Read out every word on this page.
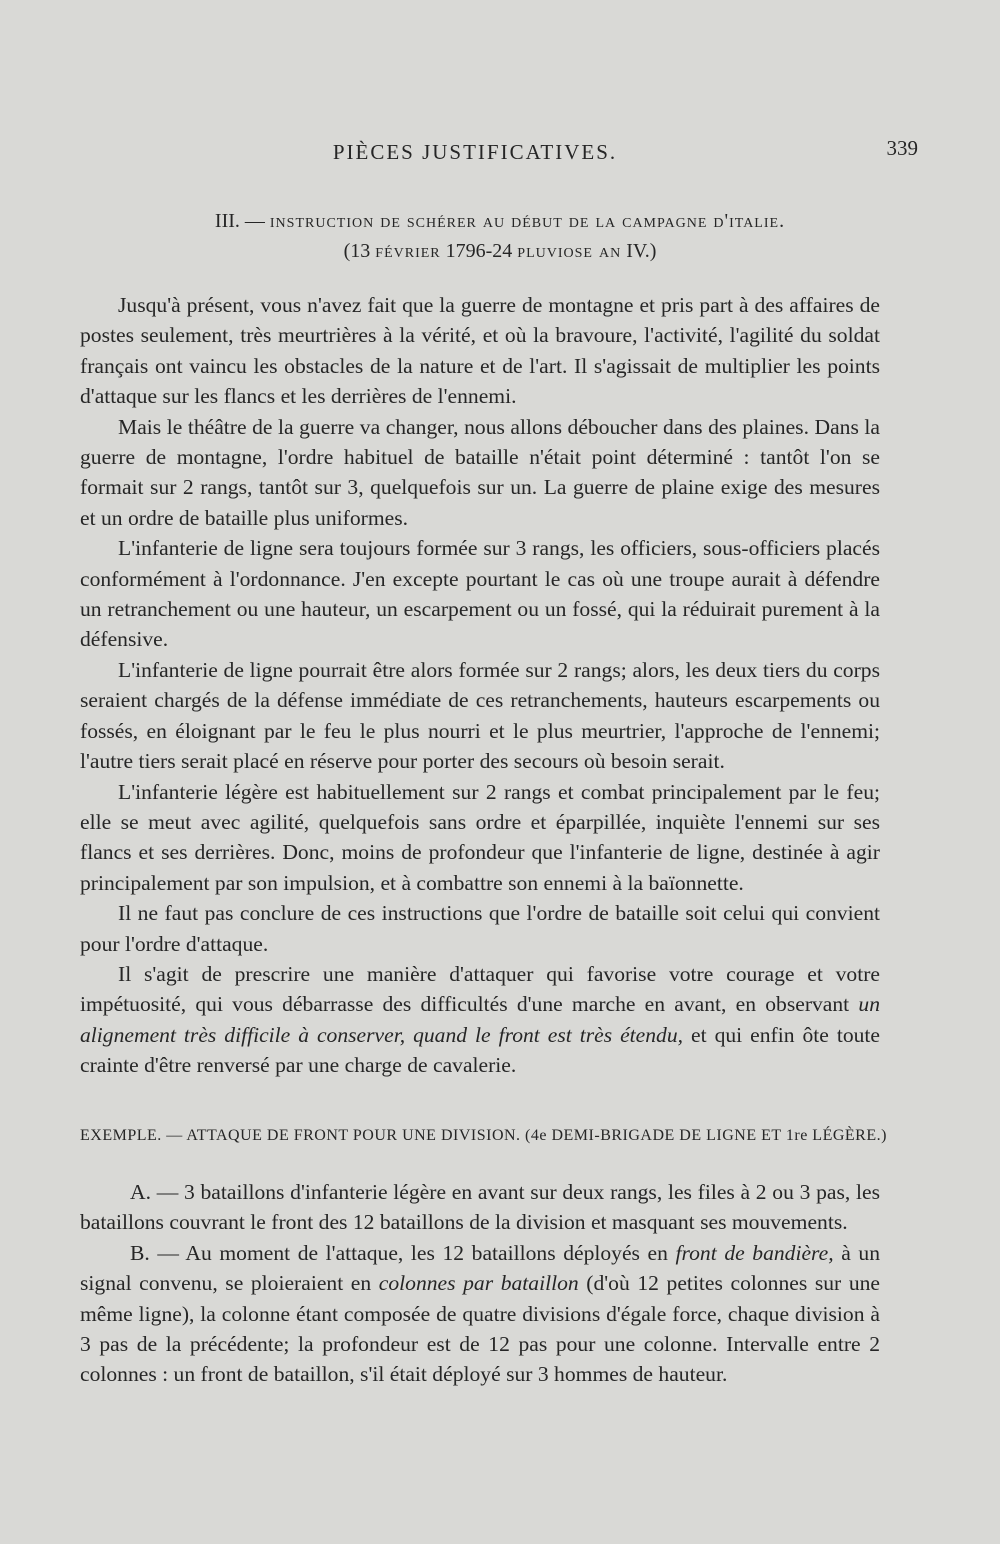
PIÈCES JUSTIFICATIVES.	339
III. — instruction de schérer au début de la campagne d'italie.
(13 février 1796-24 pluviose an IV.)

Jusqu'à présent, vous n'avez fait que la guerre de montagne et pris part à des affaires de postes seulement, très meurtrières à la vérité, et où la bravoure, l'activité, l'agilité du soldat français ont vaincu les obstacles de la nature et de l'art. Il s'agissait de multiplier les points d'attaque sur les flancs et les derrières de l'ennemi.

Mais le théâtre de la guerre va changer, nous allons déboucher dans des plaines. Dans la guerre de montagne, l'ordre habituel de bataille n'était point déterminé : tantôt l'on se formait sur 2 rangs, tantôt sur 3, quelquefois sur un. La guerre de plaine exige des mesures et un ordre de bataille plus uniformes.

L'infanterie de ligne sera toujours formée sur 3 rangs, les officiers, sous-officiers placés conformément à l'ordonnance. J'en excepte pourtant le cas où une troupe aurait à défendre un retranchement ou une hauteur, un escarpement ou un fossé, qui la réduirait purement à la défensive.

L'infanterie de ligne pourrait être alors formée sur 2 rangs; alors, les deux tiers du corps seraient chargés de la défense immédiate de ces retranchements, hauteurs escarpements ou fossés, en éloignant par le feu le plus nourri et le plus meurtrier, l'approche de l'ennemi; l'autre tiers serait placé en réserve pour porter des secours où besoin serait.

L'infanterie légère est habituellement sur 2 rangs et combat principalement par le feu; elle se meut avec agilité, quelquefois sans ordre et éparpillée, inquiète l'ennemi sur ses flancs et ses derrières. Donc, moins de profondeur que l'infanterie de ligne, destinée à agir principalement par son impulsion, et à combattre son ennemi à la baïonnette.

Il ne faut pas conclure de ces instructions que l'ordre de bataille soit celui qui convient pour l'ordre d'attaque.

Il s'agit de prescrire une manière d'attaquer qui favorise votre courage et votre impétuosité, qui vous débarrasse des difficultés d'une marche en avant, en observant un alignement très difficile à conserver, quand le front est très étendu, et qui enfin ôte toute crainte d'être renversé par une charge de cavalerie.

EXEMPLE. — ATTAQUE DE FRONT POUR UNE DIVISION. (4e DEMI-BRIGADE DE LIGNE ET 1re LÉGÈRE.)

A. — 3 bataillons d'infanterie légère en avant sur deux rangs, les files à 2 ou 3 pas, les bataillons couvrant le front des 12 bataillons de la division et masquant ses mouvements.

B. — Au moment de l'attaque, les 12 bataillons déployés en front de bandière, à un signal convenu, se ploieraient en colonnes par bataillon (d'où 12 petites colonnes sur une même ligne), la colonne étant composée de quatre divisions d'égale force, chaque division à 3 pas de la précédente; la profondeur est de 12 pas pour une colonne. Intervalle entre 2 colonnes : un front de bataillon, s'il était déployé sur 3 hommes de hauteur.
